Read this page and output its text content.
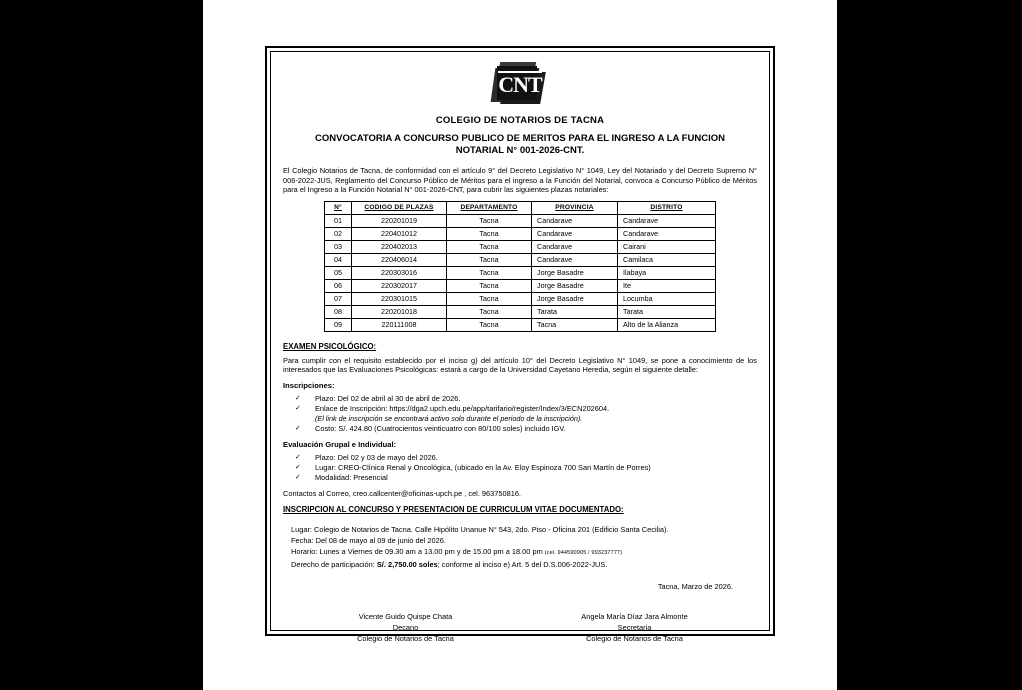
CNT
COLEGIO DE NOTARIOS DE TACNA
CONVOCATORIA A CONCURSO PUBLICO DE MERITOS PARA EL INGRESO A LA FUNCION
NOTARIAL N° 001-2026-CNT.
El Colegio Notarios de Tacna, de conformidad con el artículo 9° del Decreto Legislativo N° 1049, Ley del Notariado y del Decreto Supremo N° 006-2022-JUS, Reglamento del Concurso Público de Méritos para el ingreso a la Función del Notarial, convoca a Concurso Público de Méritos para el Ingreso a la Función Notarial N° 001-2026-CNT, para cubrir las siguientes plazas notariales:
N°	CODIGO DE PLAZAS	DEPARTAMENTO	PROVINCIA	DISTRITO
01	220201019	Tacna	Candarave	Candarave
02	220401012	Tacna	Candarave	Candarave
03	220402013	Tacna	Candarave	Cairani
04	220406014	Tacna	Candarave	Camilaca
05	220303016	Tacna	Jorge Basadre	Ilabaya
06	220302017	Tacna	Jorge Basadre	Ite
07	220301015	Tacna	Jorge Basadre	Locumba
08	220201018	Tacna	Tarata	Tarata
09	220111008	Tacna	Tacna	Alto de la Alianza
EXAMEN PSICOLÓGICO:
Para cumplir con el requisito establecido por el inciso g) del artículo 10° del Decreto Legislativo N° 1049, se pone a conocimiento de los interesados que las Evaluaciones Psicológicas: estará a cargo de la Universidad Cayetano Heredia, según el siguiente detalle:
Inscripciones:
✓ Plazo: Del 02 de abril al 30 de abril de 2026.
✓ Enlace de Inscripción: https://dga2.upch.edu.pe/app/tarifario/register/Index/3/ECN202604.
(El link de inscripción se encontrará activo solo durante el periodo de la inscripción).
✓ Costo: S/. 424.80 (Cuatrocientos veinticuatro con 80/100 soles) incluido IGV.
Evaluación Grupal e Individual:
✓ Plazo: Del 02 y 03 de mayo del 2026.
✓ Lugar: CREO-Clínica Renal y Oncológica, (ubicado en la Av. Eloy Espinoza 700 San Martín de Porres)
✓ Modalidad: Presencial
Contactos al Correo, creo.callcenter@oficinas-upch.pe , cel. 963750816.
INSCRIPCION AL CONCURSO Y PRESENTACION DE CURRICULUM VITAE DOCUMENTADO:
Lugar: Colegio de Notarios de Tacna. Calle Hipólito Unanue N° 543, 2do. Piso - Oficina 201 (Edificio Santa Cecilia).
Fecha: Del 08 de mayo al 09 de junio del 2026.
Horario: Lunes a Viernes de 09.30 am a 13.00 pm y de 15.00 pm a 18.00 pm (cel. 944590905 / 993237777)
Derecho de participación: S/. 2,750.00 soles; conforme al inciso e) Art. 5 del D.S.006-2022-JUS.
Tacna, Marzo de 2026.
Vicente Guido Quispe Chata
Decano
Colegio de Notarios de Tacna
Angela María Díaz Jara Almonte
Secretaria
Colegio de Notarios de Tacna
